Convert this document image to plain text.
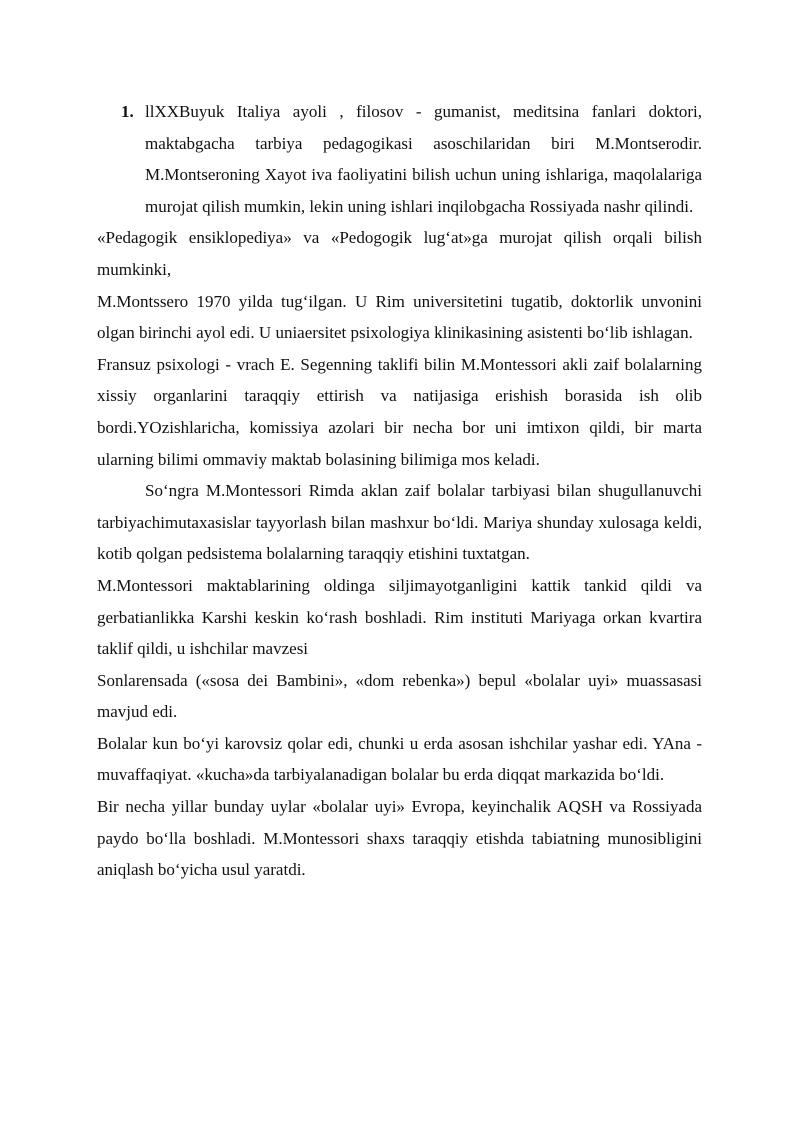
1. llXXBuyuk Italiya ayoli , filosov - gumanist, meditsina fanlari doktori, maktabgacha tarbiya pedagogikasi asoschilaridan biri M.Montserodir. M.Montseroning Xayot iva faoliyatini bilish uchun uning ishlariga, maqolalariga murojat qilish mumkin, lekin uning ishlari inqilobgacha Rossiyada nashr qilindi.

«Pedagogik ensiklopediya» va «Pedogogik lug‘at»ga murojat qilish orqali bilish mumkinki,

M.Montssero 1970 yilda tug‘ilgan. U Rim universitetini tugatib, doktorlik unvonini olgan birinchi ayol edi. U uniaersitet psixologiya klinikasining asistenti bo‘lib ishlagan.

Fransuz psixologi - vrach E. Segenning taklifi bilin M.Montessori akli zaif bolalarning xissiy organlarini taraqqiy ettirish va natijasiga erishish borasida ish olib bordi.YOzishlaricha, komissiya azolari bir necha bor uni imtixon qildi, bir marta ularning bilimi ommaviy maktab bolasining bilimiga mos keladi.

So‘ngra M.Montessori Rimda aklan zaif bolalar tarbiyasi bilan shugullanuvchi tarbiyachimutaxasislar tayyorlash bilan mashxur bo‘ldi. Mariya shunday xulosaga keldi, kotib qolgan pedsistema bolalarning taraqqiy etishini tuxtatgan.

M.Montessori maktablarining oldinga siljimayotganligini kattik tankid qildi va gerbatianlikka Karshi keskin ko‘rash boshladi. Rim instituti Mariyaga orkan kvartira taklif qildi, u ishchilar mavzesi

Sonlarensada («sosa dei Bambini», «dom rebenka») bepul «bolalar uyi» muassasasi mavjud edi.

Bolalar kun bo‘yi karovsiz qolar edi, chunki u erda asosan ishchilar yashar edi. YAna - muvaffaqiyat. «kucha»da tarbiyalanadigan bolalar bu erda diqqat markazida bo‘ldi.

Bir necha yillar bunday uylar «bolalar uyi» Evropa, keyinchalik AQSH va Rossiyada paydo bo‘lla boshladi. M.Montessori shaxs taraqqiy etishda tabiatning munosibligini aniqlash bo‘yicha usul yaratdi.
